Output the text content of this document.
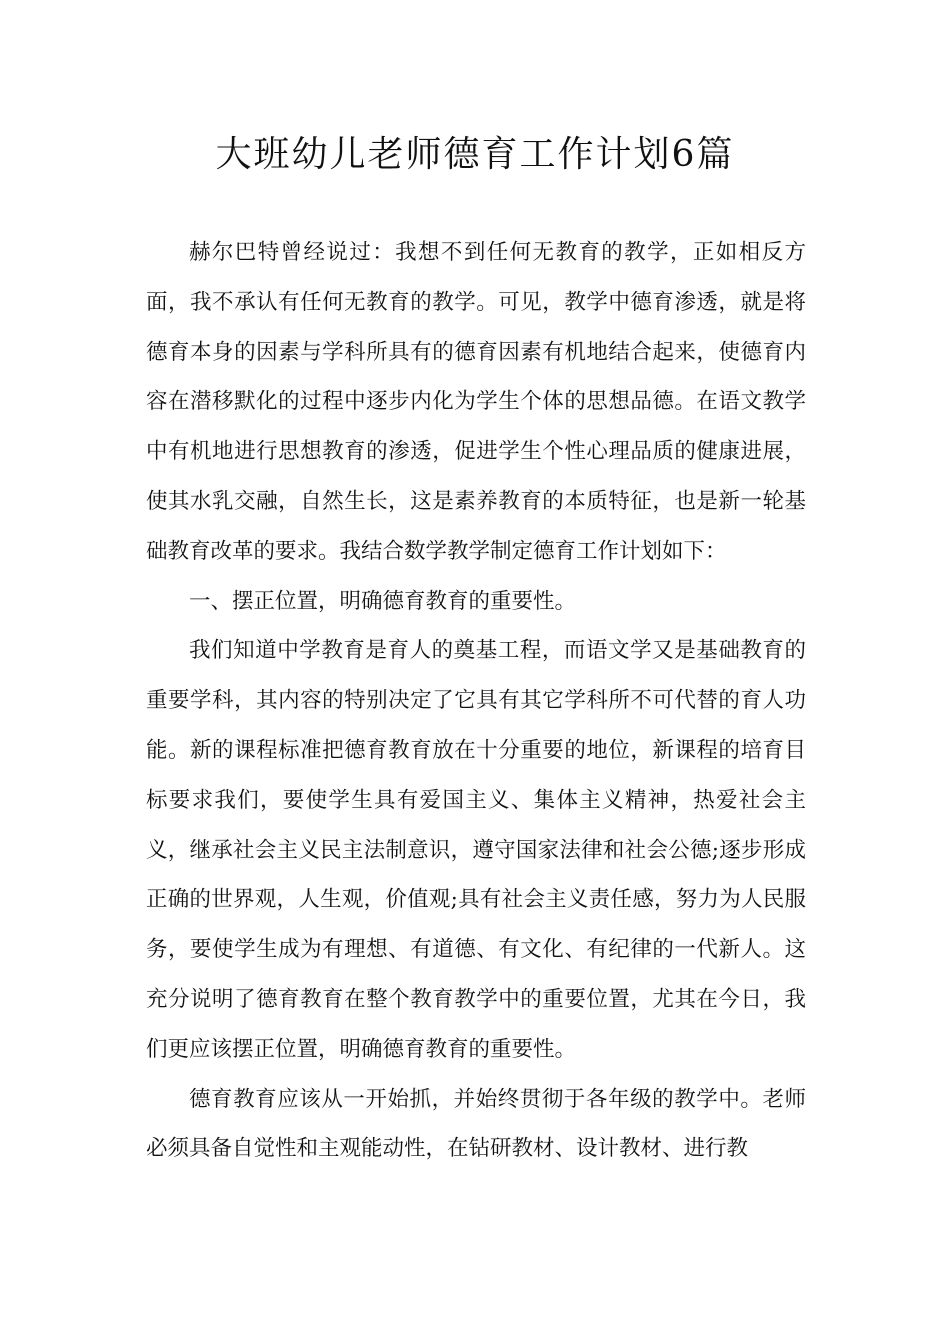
大班幼儿老师德育工作计划6篇

赫尔巴特曾经说过：我想不到任何无教育的教学，正如相反方面，我不承认有任何无教育的教学。可见，教学中德育渗透，就是将德育本身的因素与学科所具有的德育因素有机地结合起来，使德育内容在潜移默化的过程中逐步内化为学生个体的思想品德。在语文教学中有机地进行思想教育的渗透，促进学生个性心理品质的健康进展，使其水乳交融，自然生长，这是素养教育的本质特征，也是新一轮基础教育改革的要求。我结合数学教学制定德育工作计划如下：

一、摆正位置，明确德育教育的重要性。

我们知道中学教育是育人的奠基工程，而语文学又是基础教育的重要学科，其内容的特别决定了它具有其它学科所不可代替的育人功能。新的课程标准把德育教育放在十分重要的地位，新课程的培育目标要求我们，要使学生具有爱国主义、集体主义精神，热爱社会主义，继承社会主义民主法制意识，遵守国家法律和社会公德;逐步形成正确的世界观，人生观，价值观;具有社会主义责任感，努力为人民服务，要使学生成为有理想、有道德、有文化、有纪律的一代新人。这充分说明了德育教育在整个教育教学中的重要位置，尤其在今日，我们更应该摆正位置，明确德育教育的重要性。

德育教育应该从一开始抓，并始终贯彻于各年级的教学中。老师必须具备自觉性和主观能动性，在钻研教材、设计教材、进行教
